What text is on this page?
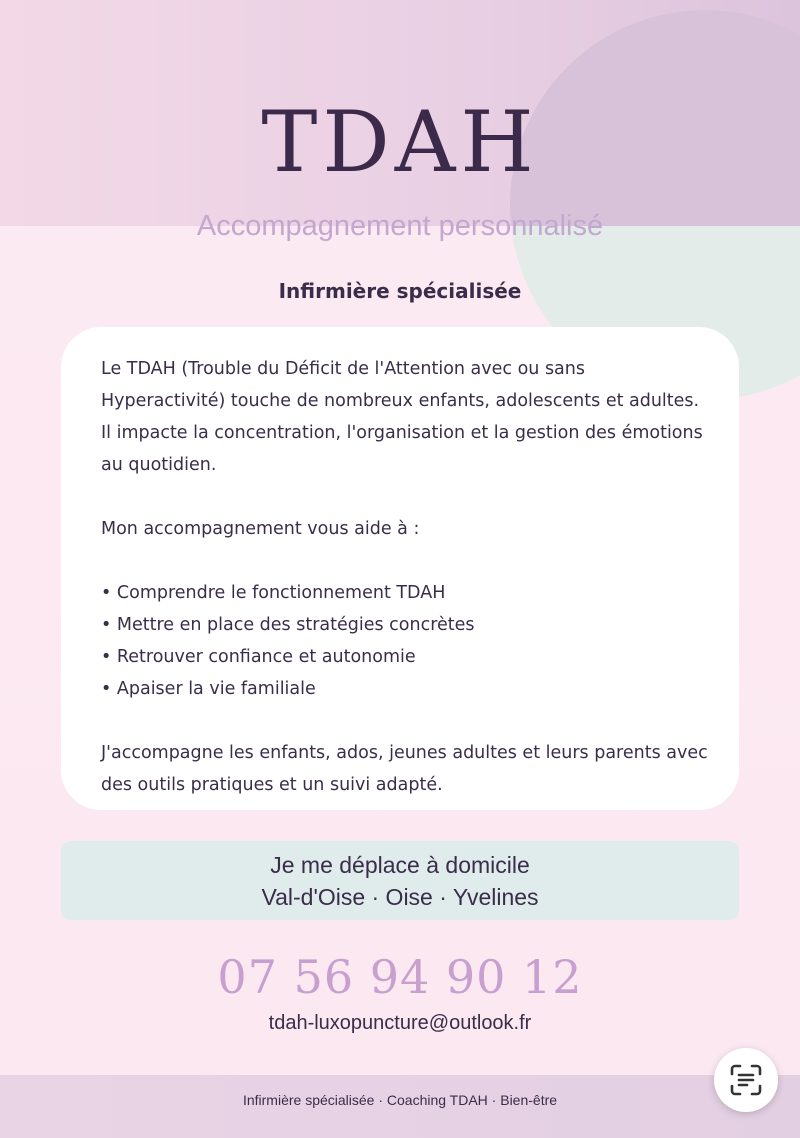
TDAH
Accompagnement personnalisé
Infirmière spécialisée

Le TDAH (Trouble du Déficit de l'Attention avec ou sans Hyperactivité) touche de nombreux enfants, adolescents et adultes. Il impacte la concentration, l'organisation et la gestion des émotions au quotidien.

Mon accompagnement vous aide à :

• Comprendre le fonctionnement TDAH
• Mettre en place des stratégies concrètes
• Retrouver confiance et autonomie
• Apaiser la vie familiale

J'accompagne les enfants, ados, jeunes adultes et leurs parents avec des outils pratiques et un suivi adapté.

Je me déplace à domicile
Val-d'Oise · Oise · Yvelines
07 56 94 90 12
tdah-luxopuncture@outlook.fr
Infirmière spécialisée · Coaching TDAH · Bien-être
